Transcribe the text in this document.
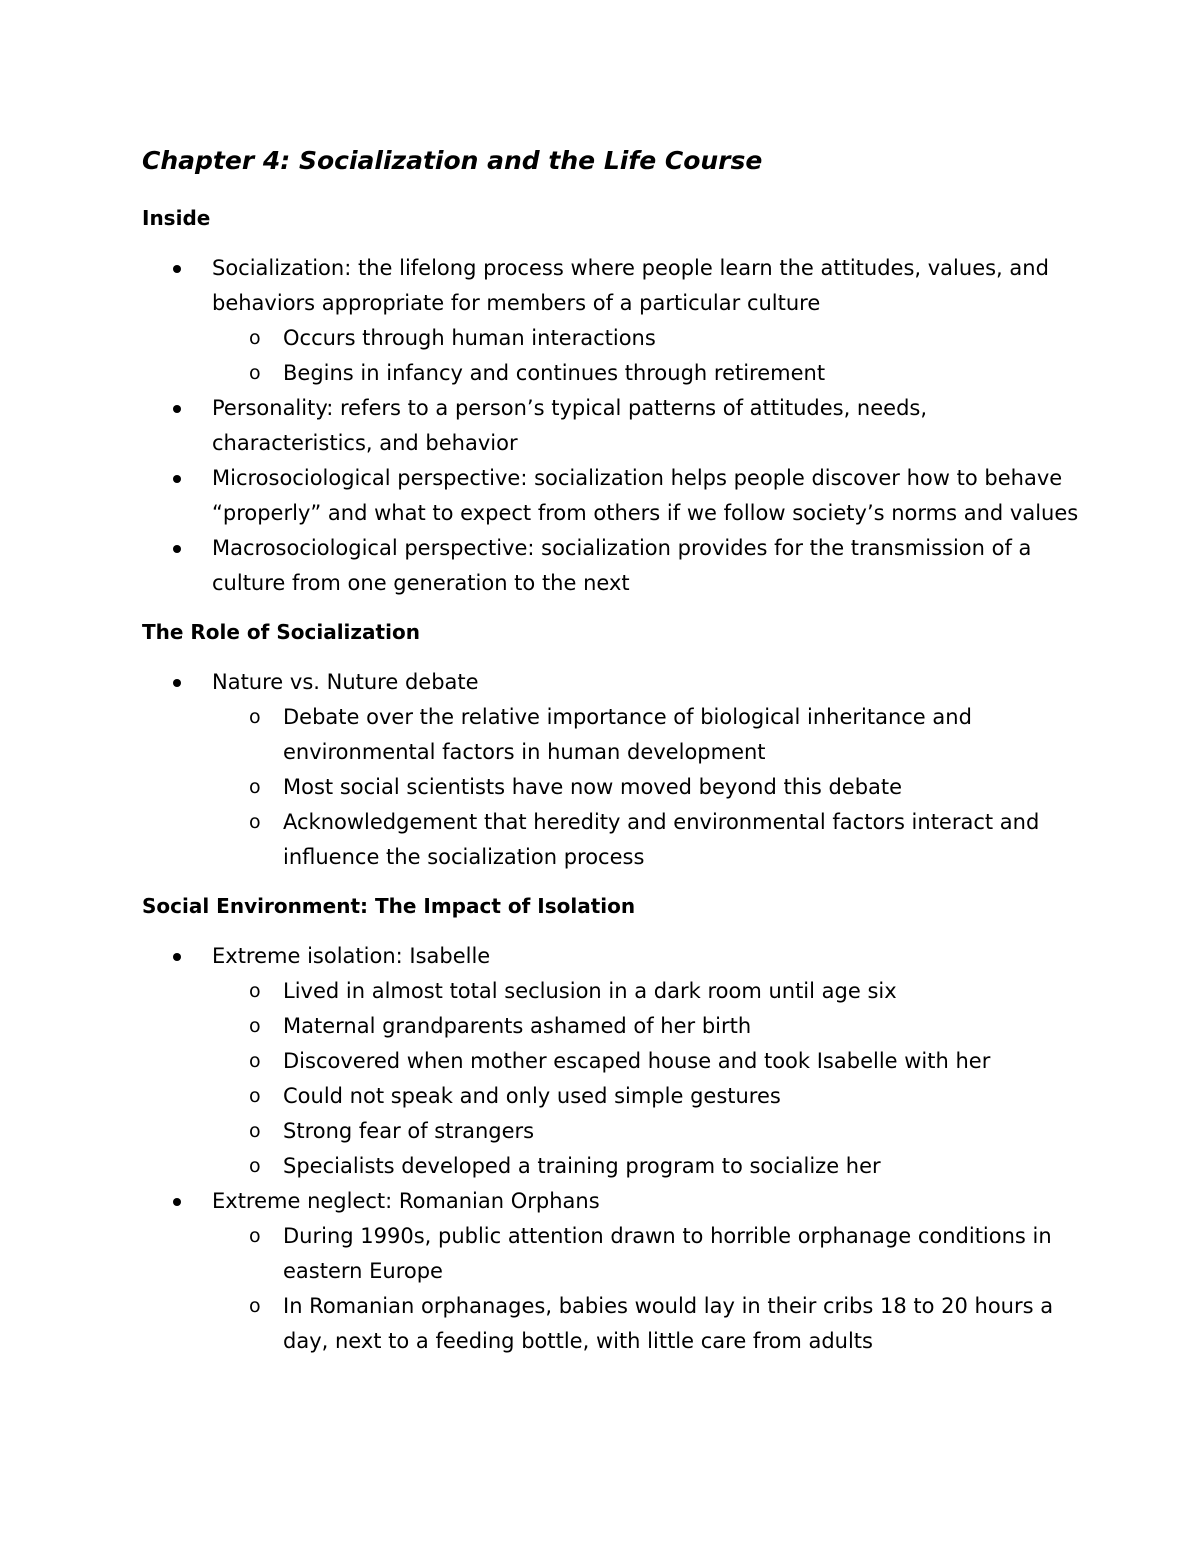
Chapter 4: Socialization and the Life Course
Inside
Socialization: the lifelong process where people learn the attitudes, values, and behaviors appropriate for members of a particular culture
o Occurs through human interactions
o Begins in infancy and continues through retirement
Personality: refers to a person’s typical patterns of attitudes, needs, characteristics, and behavior
Microsociological perspective: socialization helps people discover how to behave “properly” and what to expect from others if we follow society’s norms and values
Macrosociological perspective: socialization provides for the transmission of a culture from one generation to the next
The Role of Socialization
Nature vs. Nuture debate
o Debate over the relative importance of biological inheritance and environmental factors in human development
o Most social scientists have now moved beyond this debate
o Acknowledgement that heredity and environmental factors interact and influence the socialization process
Social Environment: The Impact of Isolation
Extreme isolation: Isabelle
o Lived in almost total seclusion in a dark room until age six
o Maternal grandparents ashamed of her birth
o Discovered when mother escaped house and took Isabelle with her
o Could not speak and only used simple gestures
o Strong fear of strangers
o Specialists developed a training program to socialize her
Extreme neglect: Romanian Orphans
o During 1990s, public attention drawn to horrible orphanage conditions in eastern Europe
o In Romanian orphanages, babies would lay in their cribs 18 to 20 hours a day, next to a feeding bottle, with little care from adults
